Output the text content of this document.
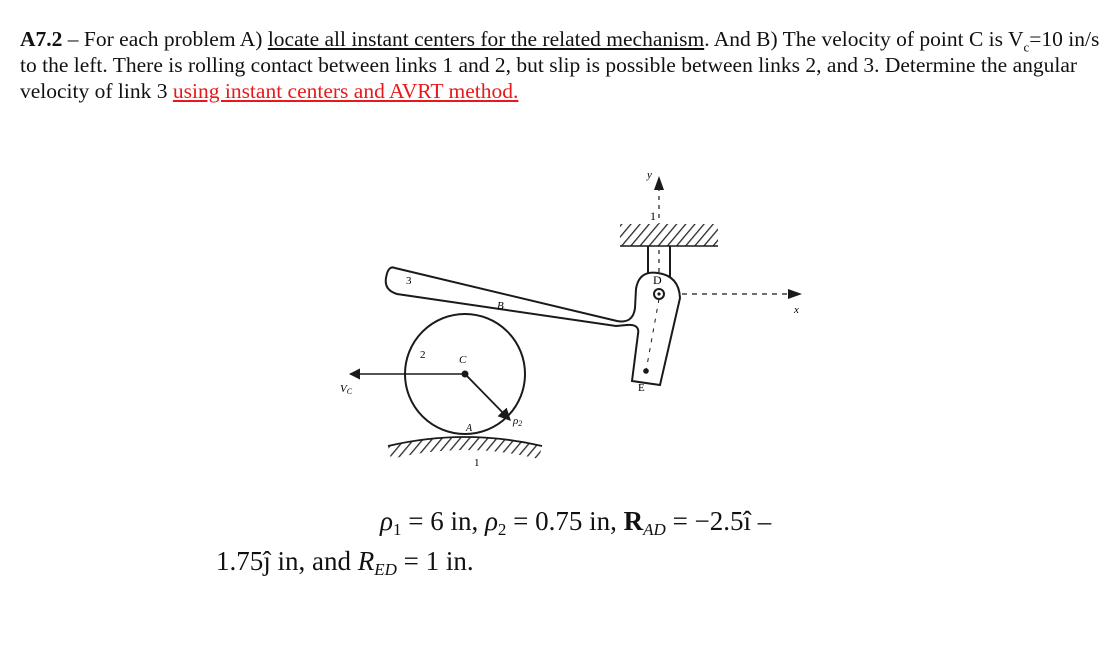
A7.2 – For each problem A) locate all instant centers for the related mechanism. And B) The velocity of point C is $V_c=10$ in/s to the left. There is rolling contact between links 1 and 2, but slip is possible between links 2, and 3. Determine the angular velocity of link 3 using instant centers and AVRT method.
y
x
1
3
B
D
E
2	C
ρ2
VC
A
1
$\rho_1 = 6$ in, $\rho_2 = 0.75$ in, RAD = −2.5î –
1.75ĵ in, and RED = 1 in.
